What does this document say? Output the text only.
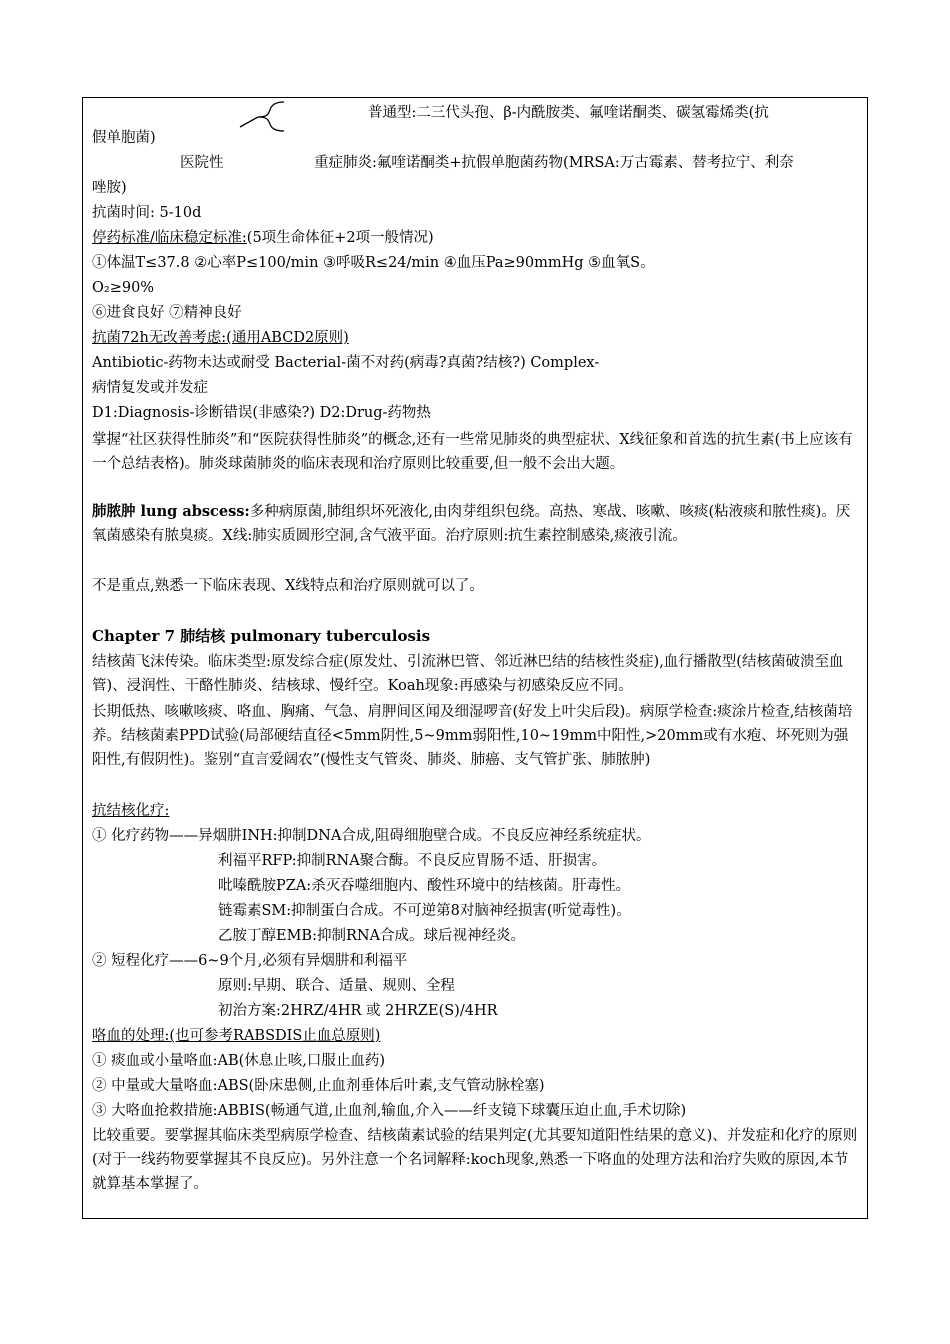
普通型:二三代头孢、β-内酰胺类、氟喹诺酮类、碳氢霉烯类(抗
假单胞菌)
医院性	重症肺炎:氟喹诺酮类+抗假单胞菌药物(MRSA:万古霉素、替考拉宁、利奈
唑胺)
抗菌时间: 5-10d
停药标准/临床稳定标准:(5项生命体征+2项一般情况)
①体温T≤37.8 ②心率P≤100/min ③呼吸R≤24/min ④血压Pa≥90mmHg ⑤血氧S。
O₂≥90%
⑥进食良好 ⑦精神良好
抗菌72h无改善考虑:(通用ABCD2原则)
Antibiotic-药物未达或耐受 Bacterial-菌不对药(病毒?真菌?结核?) Complex-
病情复发或并发症
D1:Diagnosis-诊断错误(非感染?) D2:Drug-药物热
掌握“社区获得性肺炎”和“医院获得性肺炎”的概念,还有一些常见肺炎的典型症状、X线征象和首选的抗生素(书上应该有一个总结表格)。肺炎球菌肺炎的临床表现和治疗原则比较重要,但一般不会出大题。
肺脓肿 lung abscess:多种病原菌,肺组织坏死液化,由肉芽组织包绕。高热、寒战、咳嗽、咳痰(粘液痰和脓性痰)。厌氧菌感染有脓臭痰。X线:肺实质圆形空洞,含气液平面。治疗原则:抗生素控制感染,痰液引流。
不是重点,熟悉一下临床表现、X线特点和治疗原则就可以了。
Chapter 7 肺结核 pulmonary tuberculosis
结核菌飞沫传染。临床类型:原发综合症(原发灶、引流淋巴管、邻近淋巴结的结核性炎症),血行播散型(结核菌破溃至血管)、浸润性、干酪性肺炎、结核球、慢纤空。Koah现象:再感染与初感染反应不同。
长期低热、咳嗽咳痰、咯血、胸痛、气急、肩胛间区闻及细湿啰音(好发上叶尖后段)。病原学检查:痰涂片检查,结核菌培养。结核菌素PPD试验(局部硬结直径<5mm阴性,5~9mm弱阳性,10~19mm中阳性,>20mm或有水疱、坏死则为强阳性,有假阴性)。鉴别“直言爱阔农”(慢性支气管炎、肺炎、肺癌、支气管扩张、肺脓肿)
抗结核化疗:
① 化疗药物——异烟肼INH:抑制DNA合成,阻碍细胞壁合成。不良反应神经系统症状。
利福平RFP:抑制RNA聚合酶。不良反应胃肠不适、肝损害。
吡嗪酰胺PZA:杀灭吞噬细胞内、酸性环境中的结核菌。肝毒性。
链霉素SM:抑制蛋白合成。不可逆第8对脑神经损害(听觉毒性)。
乙胺丁醇EMB:抑制RNA合成。球后视神经炎。
② 短程化疗——6~9个月,必须有异烟肼和利福平
原则:早期、联合、适量、规则、全程
初治方案:2HRZ/4HR 或 2HRZE(S)/4HR
咯血的处理:(也可参考RABSDIS止血总原则)
① 痰血或小量咯血:AB(休息止咳,口服止血药)
② 中量或大量咯血:ABS(卧床患侧,止血剂垂体后叶素,支气管动脉栓塞)
③ 大咯血抢救措施:ABBIS(畅通气道,止血剂,输血,介入——纤支镜下球囊压迫止血,手术切除)
比较重要。要掌握其临床类型病原学检查、结核菌素试验的结果判定(尤其要知道阳性结果的意义)、并发症和化疗的原则(对于一线药物要掌握其不良反应)。另外注意一个名词解释:koch现象,熟悉一下咯血的处理方法和治疗失败的原因,本节就算基本掌握了。
